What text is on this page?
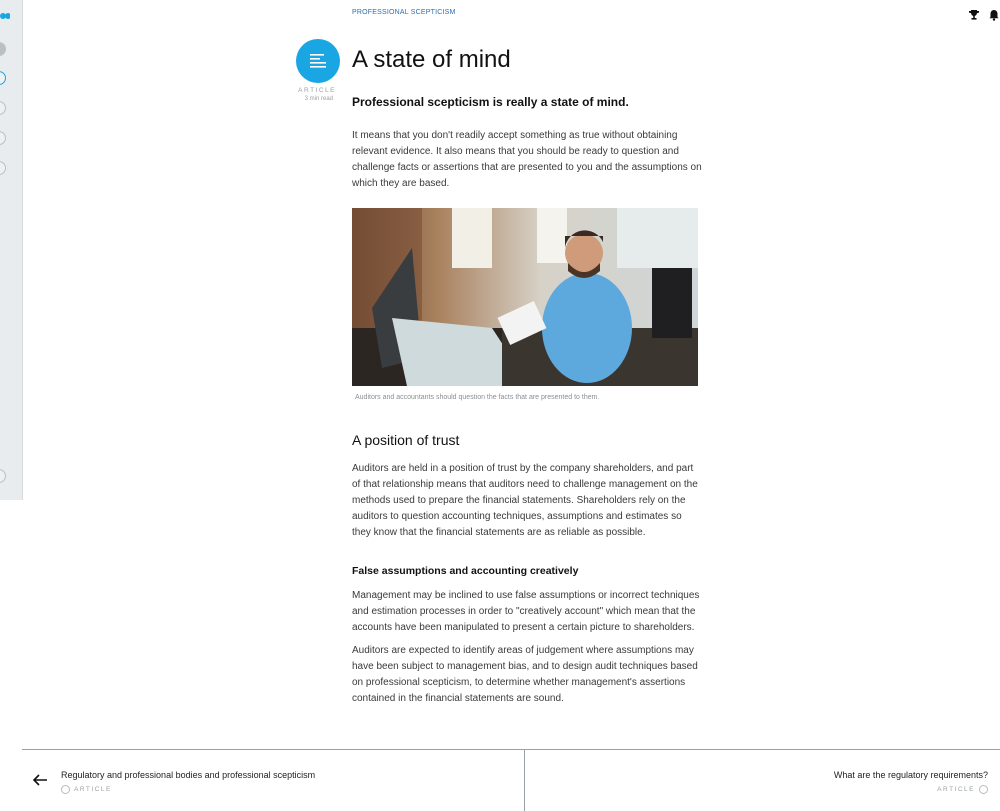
PROFESSIONAL SCEPTICISM
ARTICLE
3 min read
A state of mind
Professional scepticism is really a state of mind.

It means that you don't readily accept something as true without obtaining relevant evidence. It also means that you should be ready to question and challenge facts or assertions that are presented to you and the assumptions on which they are based.

Auditors and accountants should question the facts that are presented to them.
A position of trust

Auditors are held in a position of trust by the company shareholders, and part of that relationship means that auditors need to challenge management on the methods used to prepare the financial statements. Shareholders rely on the auditors to question accounting techniques, assumptions and estimates so they know that the financial statements are as reliable as possible.

False assumptions and accounting creatively

Management may be inclined to use false assumptions or incorrect techniques and estimation processes in order to "creatively account" which mean that the accounts have been manipulated to present a certain picture to shareholders.

Auditors are expected to identify areas of judgement where assumptions may have been subject to management bias, and to design audit techniques based on professional scepticism, to determine whether management's assertions contained in the financial statements are sound.

Regulatory and professional bodies and professional scepticism
ARTICLE
What are the regulatory requirements?
ARTICLE
